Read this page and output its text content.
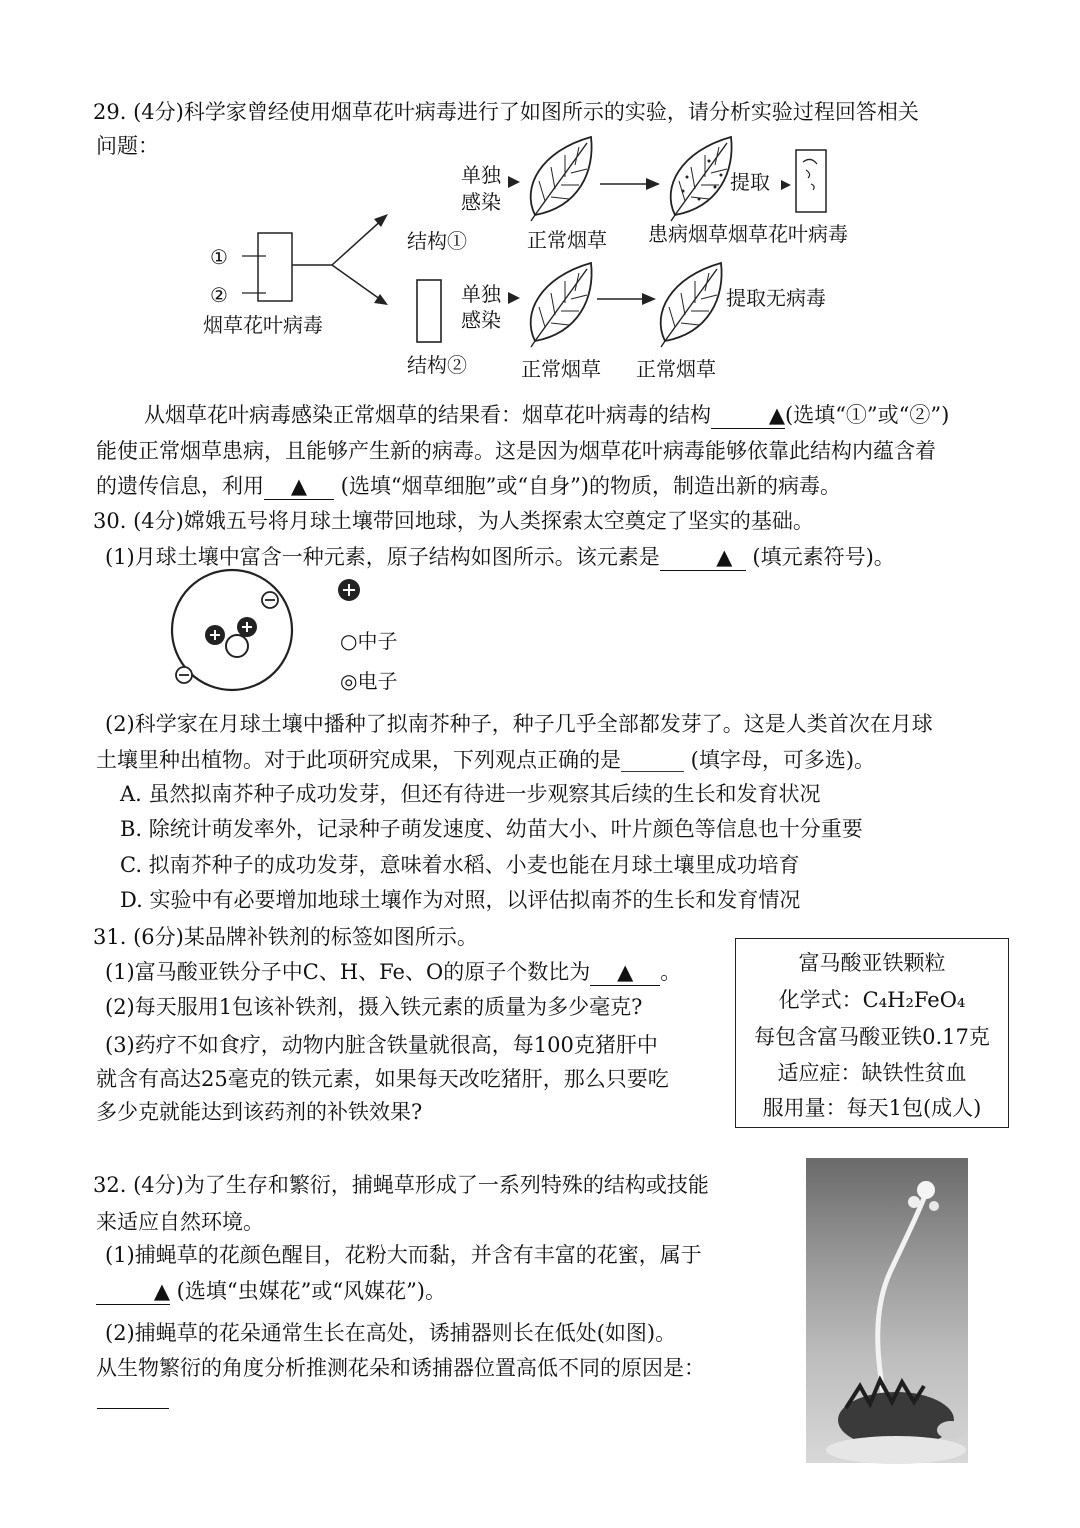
29. (4分)科学家曾经使用烟草花叶病毒进行了如图所示的实验，请分析实验过程回答相关
问题：
①
②
烟草花叶病毒
结构①
结构②
单独
感染
单独
感染
正常烟草
提取
患病烟草烟草花叶病毒
提取无病毒
正常烟草 正常烟草
从烟草花叶病毒感染正常烟草的结果看：烟草花叶病毒的结构	▲(选填“①”或“②”)
能使正常烟草患病，且能够产生新的病毒。这是因为烟草花叶病毒能够依靠此结构内蕴含着
的遗传信息，利用 ▲ (选填“烟草细胞”或“自身”)的物质，制造出新的病毒。
30. (4分)嫦娥五号将月球土壤带回地球，为人类探索太空奠定了坚实的基础。
(1)月球土壤中富含一种元素，原子结构如图所示。该元素是	▲   (填元素符号)。
○中子
◎电子
(2)科学家在月球土壤中播种了拟南芥种子，种子几乎全部都发芽了。这是人类首次在月球
土壤里种出植物。对于此项研究成果，下列观点正确的是______ (填字母，可多选)。
A. 虽然拟南芥种子成功发芽，但还有待进一步观察其后续的生长和发育状况
B. 除统计萌发率外，记录种子萌发速度、幼苗大小、叶片颜色等信息也十分重要
C. 拟南芥种子的成功发芽，意味着水稻、小麦也能在月球土壤里成功培育
D. 实验中有必要增加地球土壤作为对照，以评估拟南芥的生长和发育情况
31. (6分)某品牌补铁剂的标签如图所示。
(1)富马酸亚铁分子中C、H、Fe、O的原子个数比为 ▲ 。
(2)每天服用1包该补铁剂，摄入铁元素的质量为多少毫克?
(3)药疗不如食疗，动物内脏含铁量就很高，每100克猪肝中
就含有高达25毫克的铁元素，如果每天改吃猪肝，那么只要吃
多少克就能达到该药剂的补铁效果?
富马酸亚铁颗粒
化学式：C₄H₂FeO₄
每包含富马酸亚铁0.17克
适应症：缺铁性贫血
服用量：每天1包(成人)
32. (4分)为了生存和繁衍，捕蝇草形成了一系列特殊的结构或技能
来适应自然环境。
(1)捕蝇草的花颜色醒目，花粉大而黏，并含有丰富的花蜜，属于
▲ (选填“虫媒花”或“风媒花”)。
(2)捕蝇草的花朵通常生长在高处，诱捕器则长在低处(如图)。
从生物繁衍的角度分析推测花朵和诱捕器位置高低不同的原因是：
